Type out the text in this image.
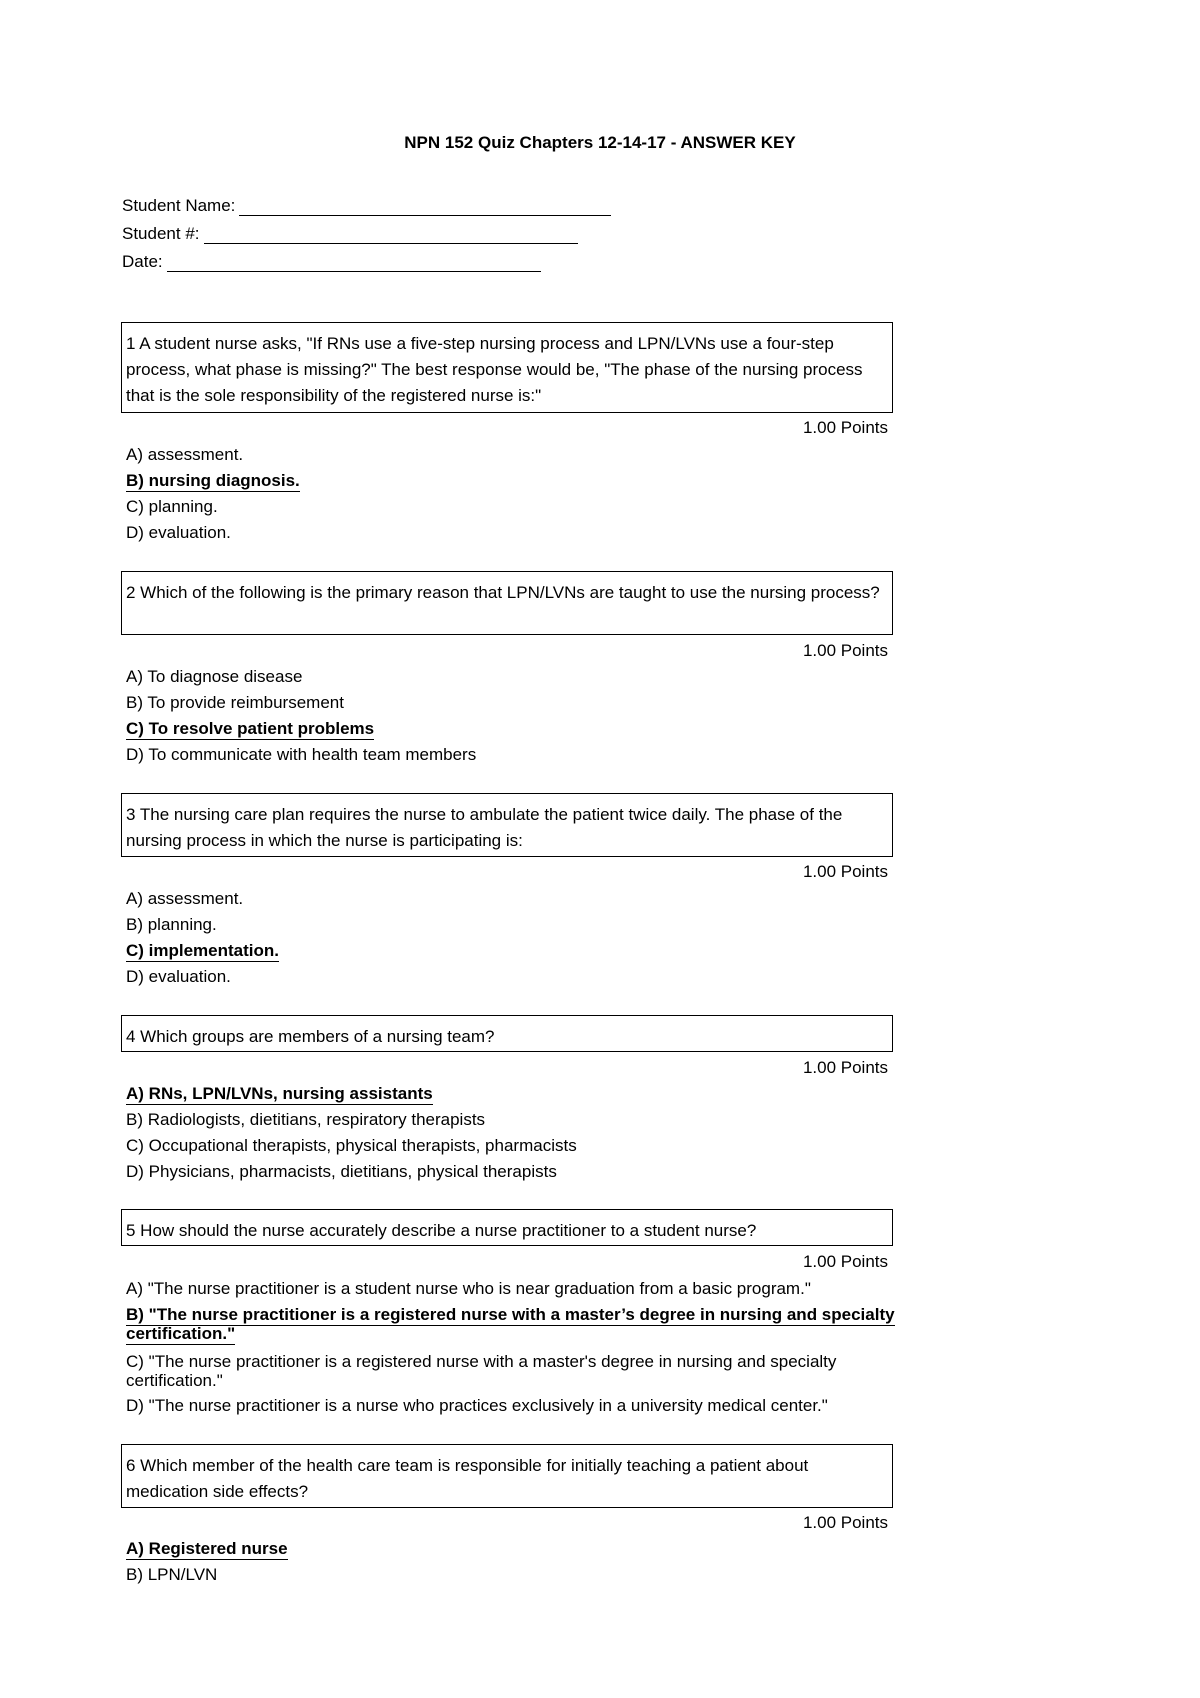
NPN 152 Quiz Chapters 12-14-17 - ANSWER KEY
Student Name:
Student #:
Date:
1 A student nurse asks, "If RNs use a five-step nursing process and LPN/LVNs use a four-step process, what phase is missing?" The best response would be, "The phase of the nursing process that is the sole responsibility of the registered nurse is:"
1.00 Points
A) assessment.
B) nursing diagnosis.
C) planning.
D) evaluation.
2 Which of the following is the primary reason that LPN/LVNs are taught to use the nursing process?
1.00 Points
A) To diagnose disease
B) To provide reimbursement
C) To resolve patient problems
D) To communicate with health team members
3 The nursing care plan requires the nurse to ambulate the patient twice daily. The phase of the nursing process in which the nurse is participating is:
1.00 Points
A) assessment.
B) planning.
C) implementation.
D) evaluation.
4 Which groups are members of a nursing team?
1.00 Points
A) RNs, LPN/LVNs, nursing assistants
B) Radiologists, dietitians, respiratory therapists
C) Occupational therapists, physical therapists, pharmacists
D) Physicians, pharmacists, dietitians, physical therapists
5 How should the nurse accurately describe a nurse practitioner to a student nurse?
1.00 Points
A) "The nurse practitioner is a student nurse who is near graduation from a basic program."
B) "The nurse practitioner is a registered nurse with a master’s degree in nursing and specialty certification."
C) "The nurse practitioner is a registered nurse with a master's degree in nursing and specialty certification."
D) "The nurse practitioner is a nurse who practices exclusively in a university medical center."
6 Which member of the health care team is responsible for initially teaching a patient about medication side effects?
1.00 Points
A) Registered nurse
B) LPN/LVN
